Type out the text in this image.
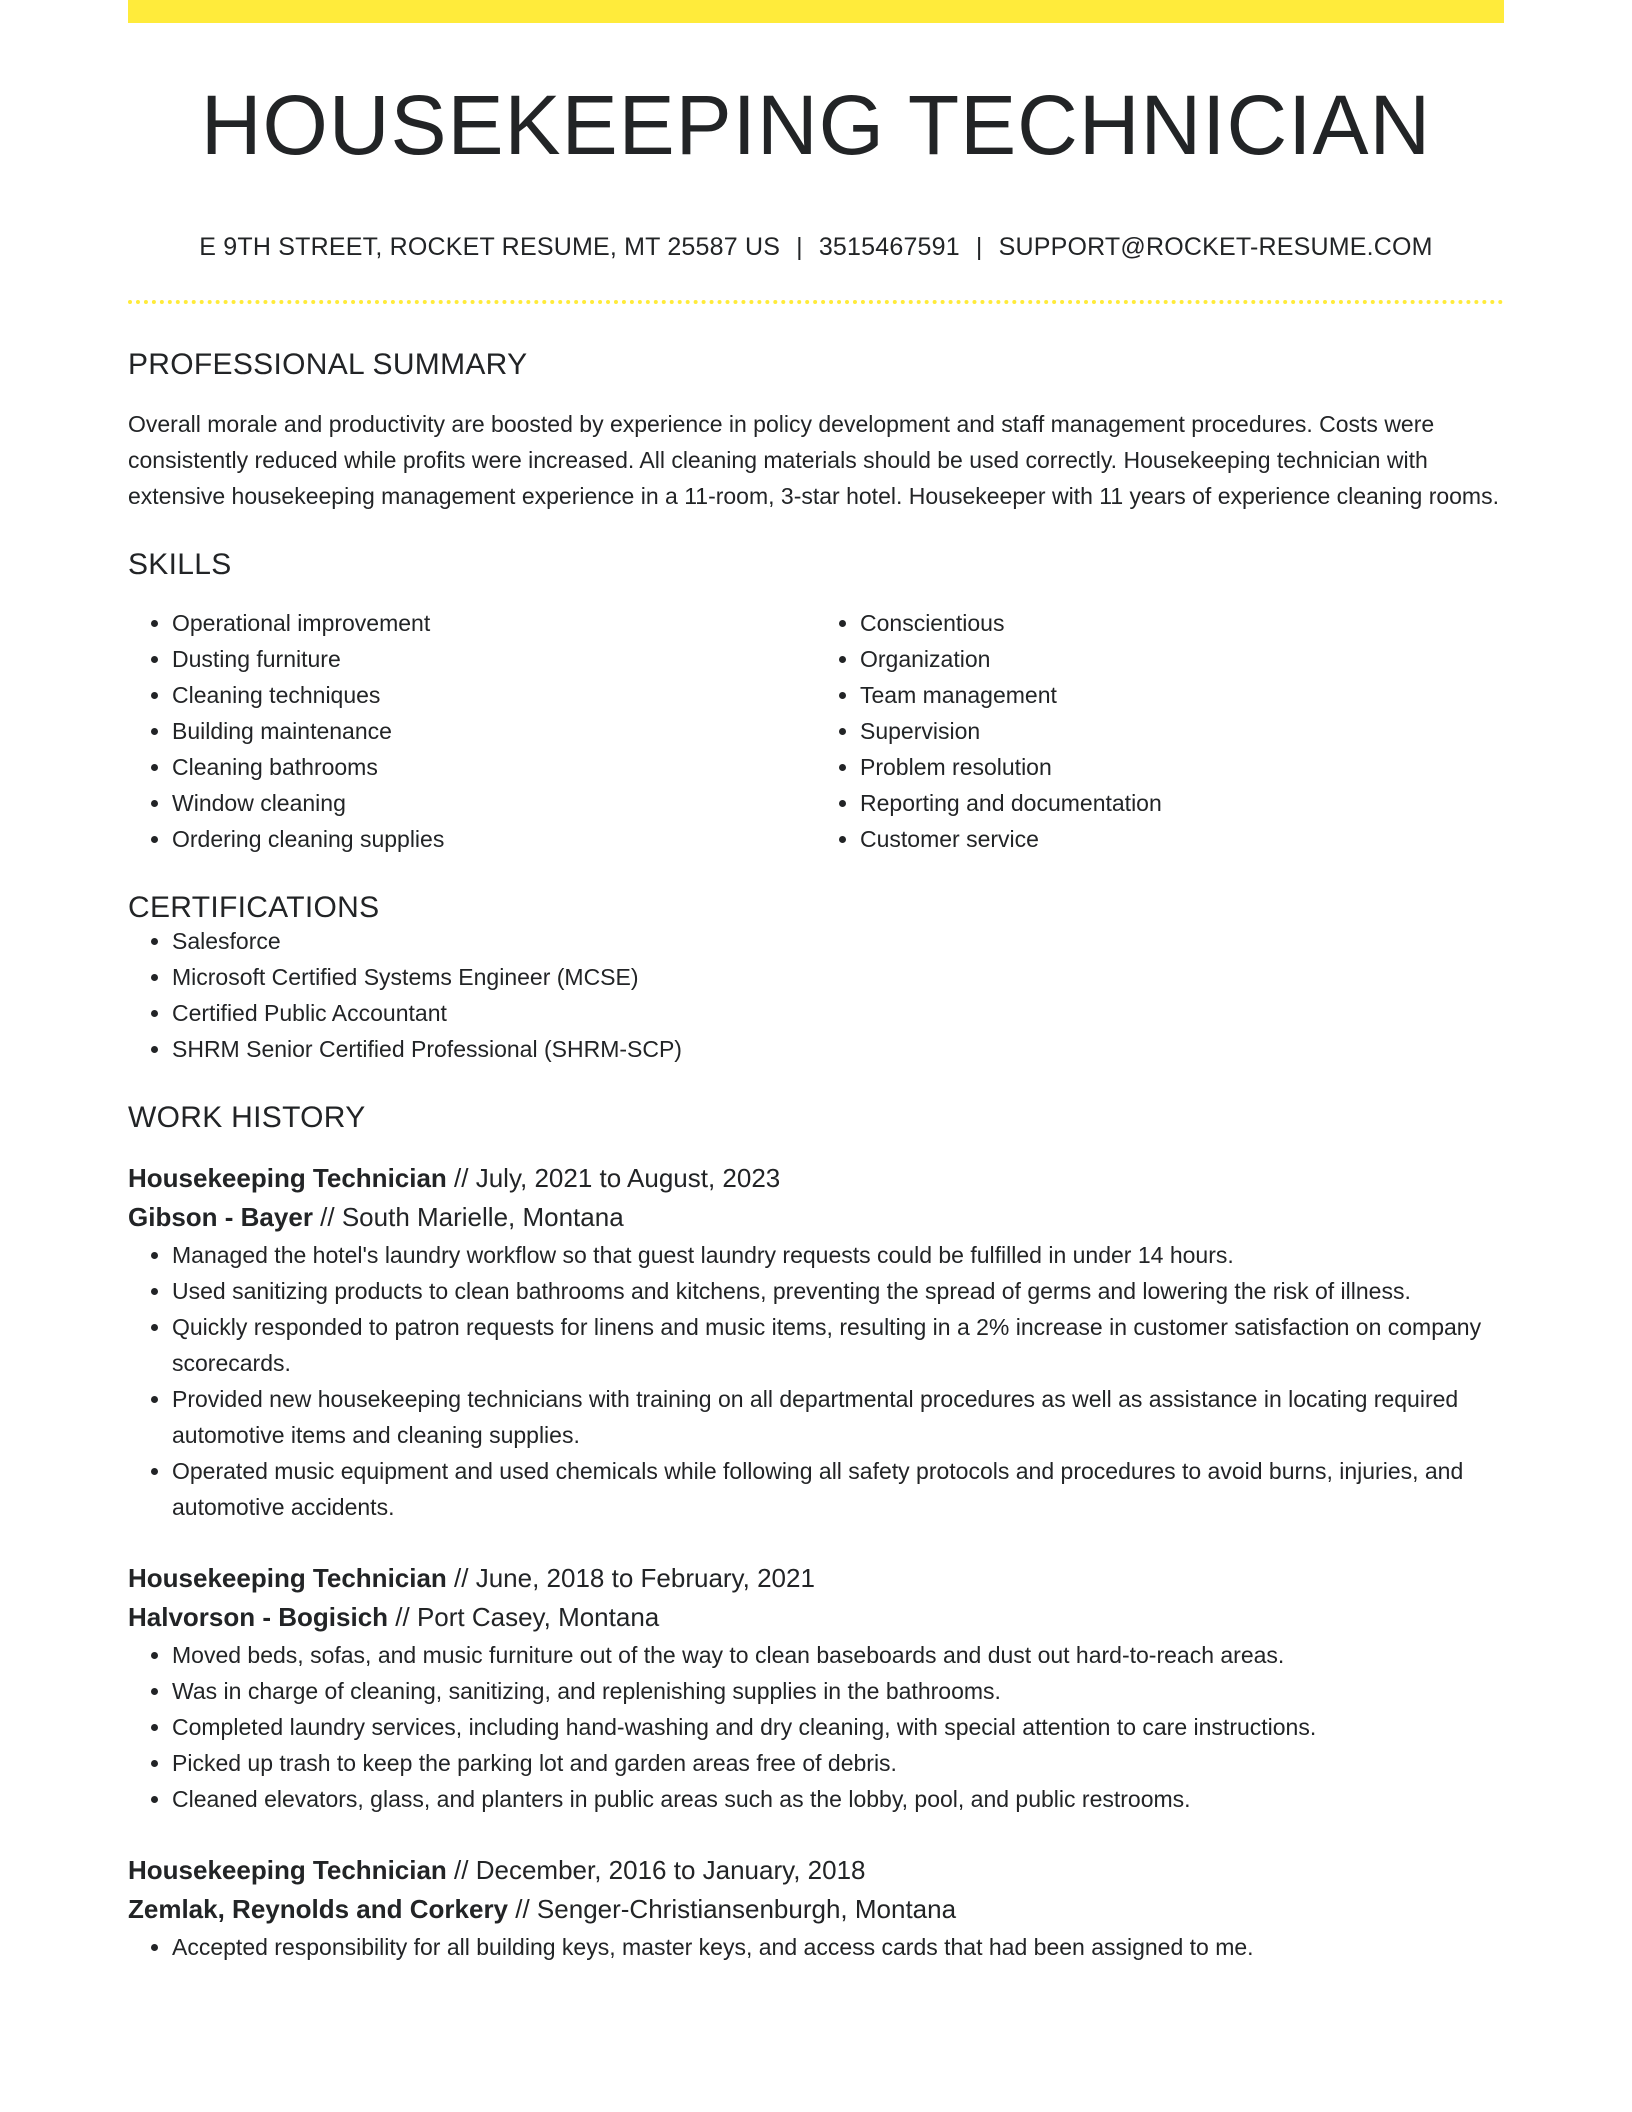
HOUSEKEEPING TECHNICIAN
E 9TH STREET, ROCKET RESUME, MT 25587 US | 3515467591 | SUPPORT@ROCKET-RESUME.COM
PROFESSIONAL SUMMARY
Overall morale and productivity are boosted by experience in policy development and staff management procedures. Costs were consistently reduced while profits were increased. All cleaning materials should be used correctly. Housekeeping technician with extensive housekeeping management experience in a 11-room, 3-star hotel. Housekeeper with 11 years of experience cleaning rooms.
SKILLS
• Operational improvement
• Dusting furniture
• Cleaning techniques
• Building maintenance
• Cleaning bathrooms
• Window cleaning
• Ordering cleaning supplies
• Conscientious
• Organization
• Team management
• Supervision
• Problem resolution
• Reporting and documentation
• Customer service
CERTIFICATIONS
• Salesforce
• Microsoft Certified Systems Engineer (MCSE)
• Certified Public Accountant
• SHRM Senior Certified Professional (SHRM-SCP)
WORK HISTORY
Housekeeping Technician // July, 2021 to August, 2023
Gibson - Bayer // South Marielle, Montana
• Managed the hotel's laundry workflow so that guest laundry requests could be fulfilled in under 14 hours.
• Used sanitizing products to clean bathrooms and kitchens, preventing the spread of germs and lowering the risk of illness.
• Quickly responded to patron requests for linens and music items, resulting in a 2% increase in customer satisfaction on company scorecards.
• Provided new housekeeping technicians with training on all departmental procedures as well as assistance in locating required automotive items and cleaning supplies.
• Operated music equipment and used chemicals while following all safety protocols and procedures to avoid burns, injuries, and automotive accidents.
Housekeeping Technician // June, 2018 to February, 2021
Halvorson - Bogisich // Port Casey, Montana
• Moved beds, sofas, and music furniture out of the way to clean baseboards and dust out hard-to-reach areas.
• Was in charge of cleaning, sanitizing, and replenishing supplies in the bathrooms.
• Completed laundry services, including hand-washing and dry cleaning, with special attention to care instructions.
• Picked up trash to keep the parking lot and garden areas free of debris.
• Cleaned elevators, glass, and planters in public areas such as the lobby, pool, and public restrooms.
Housekeeping Technician // December, 2016 to January, 2018
Zemlak, Reynolds and Corkery // Senger-Christiansenburgh, Montana
• Accepted responsibility for all building keys, master keys, and access cards that had been assigned to me.
